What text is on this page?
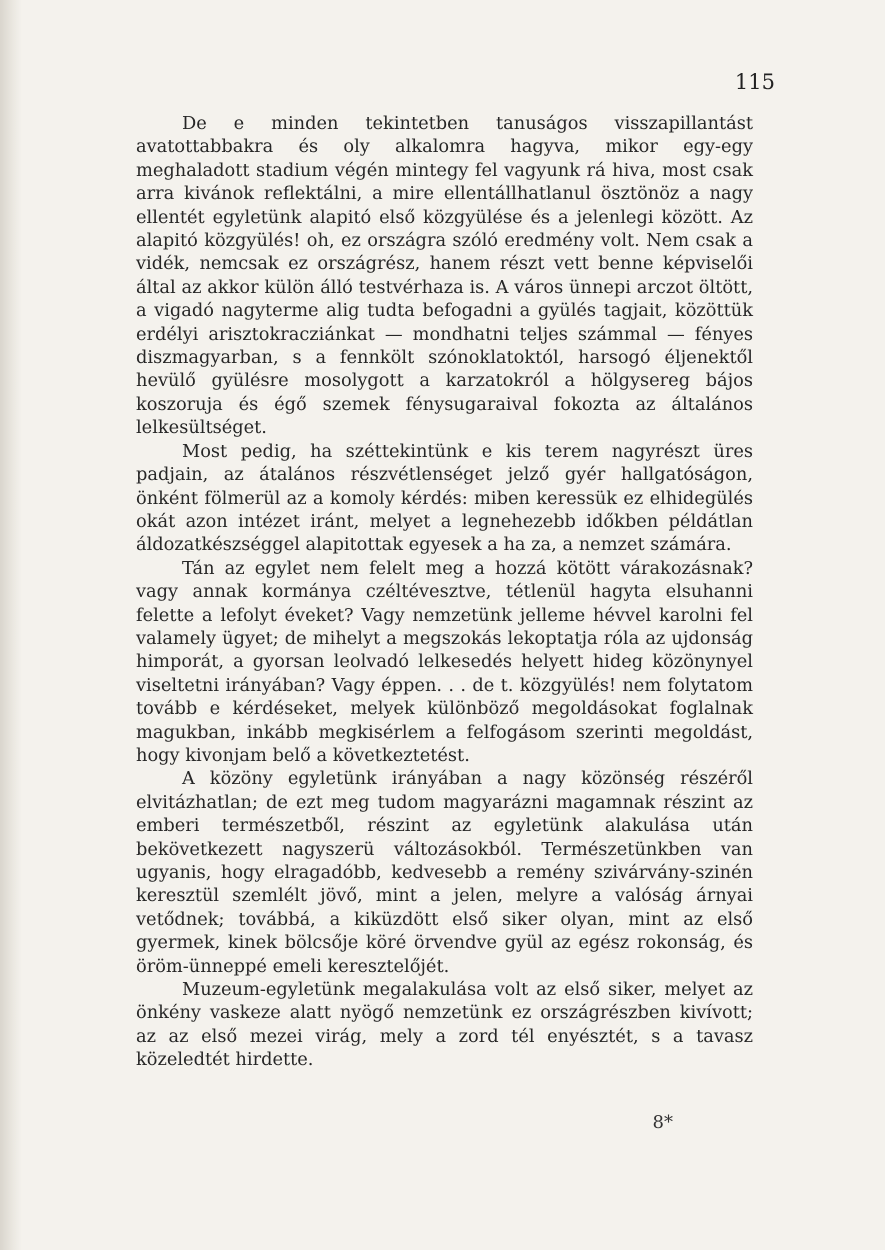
115

De e minden tekintetben tanuságos visszapillantást avatottabbakra és oly alkalomra hagyva, mikor egy-egy meghaladott stadium végén mintegy fel vagyunk rá hiva, most csak arra kivánok reflektálni, a mire ellentállhatlanul ösztönöz a nagy ellentét egyletünk alapitó első közgyülése és a jelenlegi között. Az alapitó közgyülés! oh, ez országra szóló eredmény volt. Nem csak a vidék, nemcsak ez országrész, hanem részt vett benne képviselői által az akkor külön álló testvérhaza is. A város ünnepi arczot öltött, a vigadó nagyterme alig tudta befogadni a gyülés tagjait, közöttük erdélyi arisztokracziánkat — mondhatni teljes számmal — fényes diszmagyarban, s a fennkölt szónoklatoktól, harsogó éljenektől hevülő gyülésre mosolygott a karzatokról a hölgysereg bájos koszoruja és égő szemek fénysugaraival fokozta az általános lelkesültséget.

Most pedig, ha széttekintünk e kis terem nagyrészt üres padjain, az átalános részvétlenséget jelző gyér hallgatóságon, önként fölmerül az a komoly kérdés: miben keressük ez elhidegülés okát azon intézet iránt, melyet a legnehezebb időkben példátlan áldozatkészséggel alapitottak egyesek a ha za, a nemzet számára.

Tán az egylet nem felelt meg a hozzá kötött várakozásnak? vagy annak kormánya czéltévesztve, tétlenül hagyta elsuhanni felette a lefolyt éveket? Vagy nemzetünk jelleme hévvel karolni fel valamely ügyet; de mihelyt a megszokás lekoptatja róla az ujdonság himporát, a gyorsan leolvadó lelkesedés helyett hideg közönynyel viseltetni irányában? Vagy éppen. . . de t. közgyülés! nem folytatom tovább e kérdéseket, melyek különböző megoldásokat foglalnak magukban, inkább megkisérlem a felfogásom szerinti megoldást, hogy kivonjam belő a következtetést.

A közöny egyletünk irányában a nagy közönség részéről elvitázhatlan; de ezt meg tudom magyarázni magamnak részint az emberi természetből, részint az egyletünk alakulása után bekövetkezett nagyszerü változásokból. Természetünkben van ugyanis, hogy elragadóbb, kedvesebb a remény szivárvány-szinén keresztül szemlélt jövő, mint a jelen, melyre a valóság árnyai vetődnek; továbbá, a kiküzdött első siker olyan, mint az első gyermek, kinek bölcsője köré örvendve gyül az egész rokonság, és öröm-ünneppé emeli keresztelőjét.

Muzeum-egyletünk megalakulása volt az első siker, melyet az önkény vaskeze alatt nyögő nemzetünk ez országrészben kivívott; az az első mezei virág, mely a zord tél enyésztét, s a tavasz közeledtét hirdette.

8*
